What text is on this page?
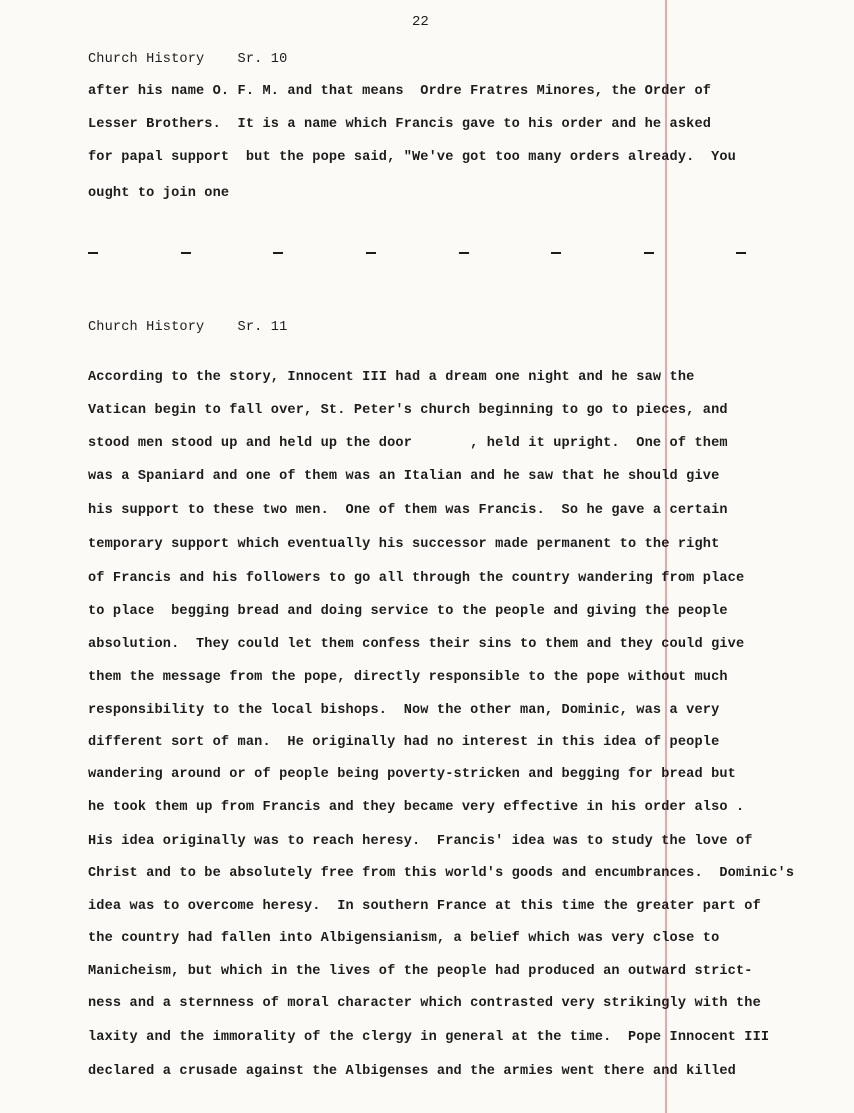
22
Church History    Sr. 10
after his name O. F. M. and that means  Ordre Fratres Minores, the Order of
Lesser Brothers.  It is a name which Francis gave to his order and he asked
for papal support  but the pope said, "We've got too many orders already.  You
ought to join one
Church History    Sr. 11
According to the story, Innocent III had a dream one night and he saw the
Vatican begin to fall over, St. Peter's church beginning to go to pieces, and
stood men stood up and held up the door       , held it upright.  One of them
was a Spaniard and one of them was an Italian and he saw that he should give
his support to these two men.  One of them was Francis.  So he gave a certain
temporary support which eventually his successor made permanent to the right
of Francis and his followers to go all through the country wandering from place
to place  begging bread and doing service to the people and giving the people
absolution.  They could let them confess their sins to them and they could give
them the message from the pope, directly responsible to the pope without much
responsibility to the local bishops.  Now the other man, Dominic, was a very
different sort of man.  He originally had no interest in this idea of people
wandering around or of people being poverty-stricken and begging for bread but
he took them up from Francis and they became very effective in his order also .
His idea originally was to reach heresy.  Francis' idea was to study the love of
Christ and to be absolutely free from this world's goods and encumbrances.  Dominic's
idea was to overcome heresy.  In southern France at this time the greater part of
the country had fallen into Albigensianism, a belief which was very close to
Manicheism, but which in the lives of the people had produced an outward strict-
ness and a sternness of moral character which contrasted very strikingly with the
laxity and the immorality of the clergy in general at the time.  Pope Innocent III
declared a crusade against the Albigenses and the armies went there and killed
